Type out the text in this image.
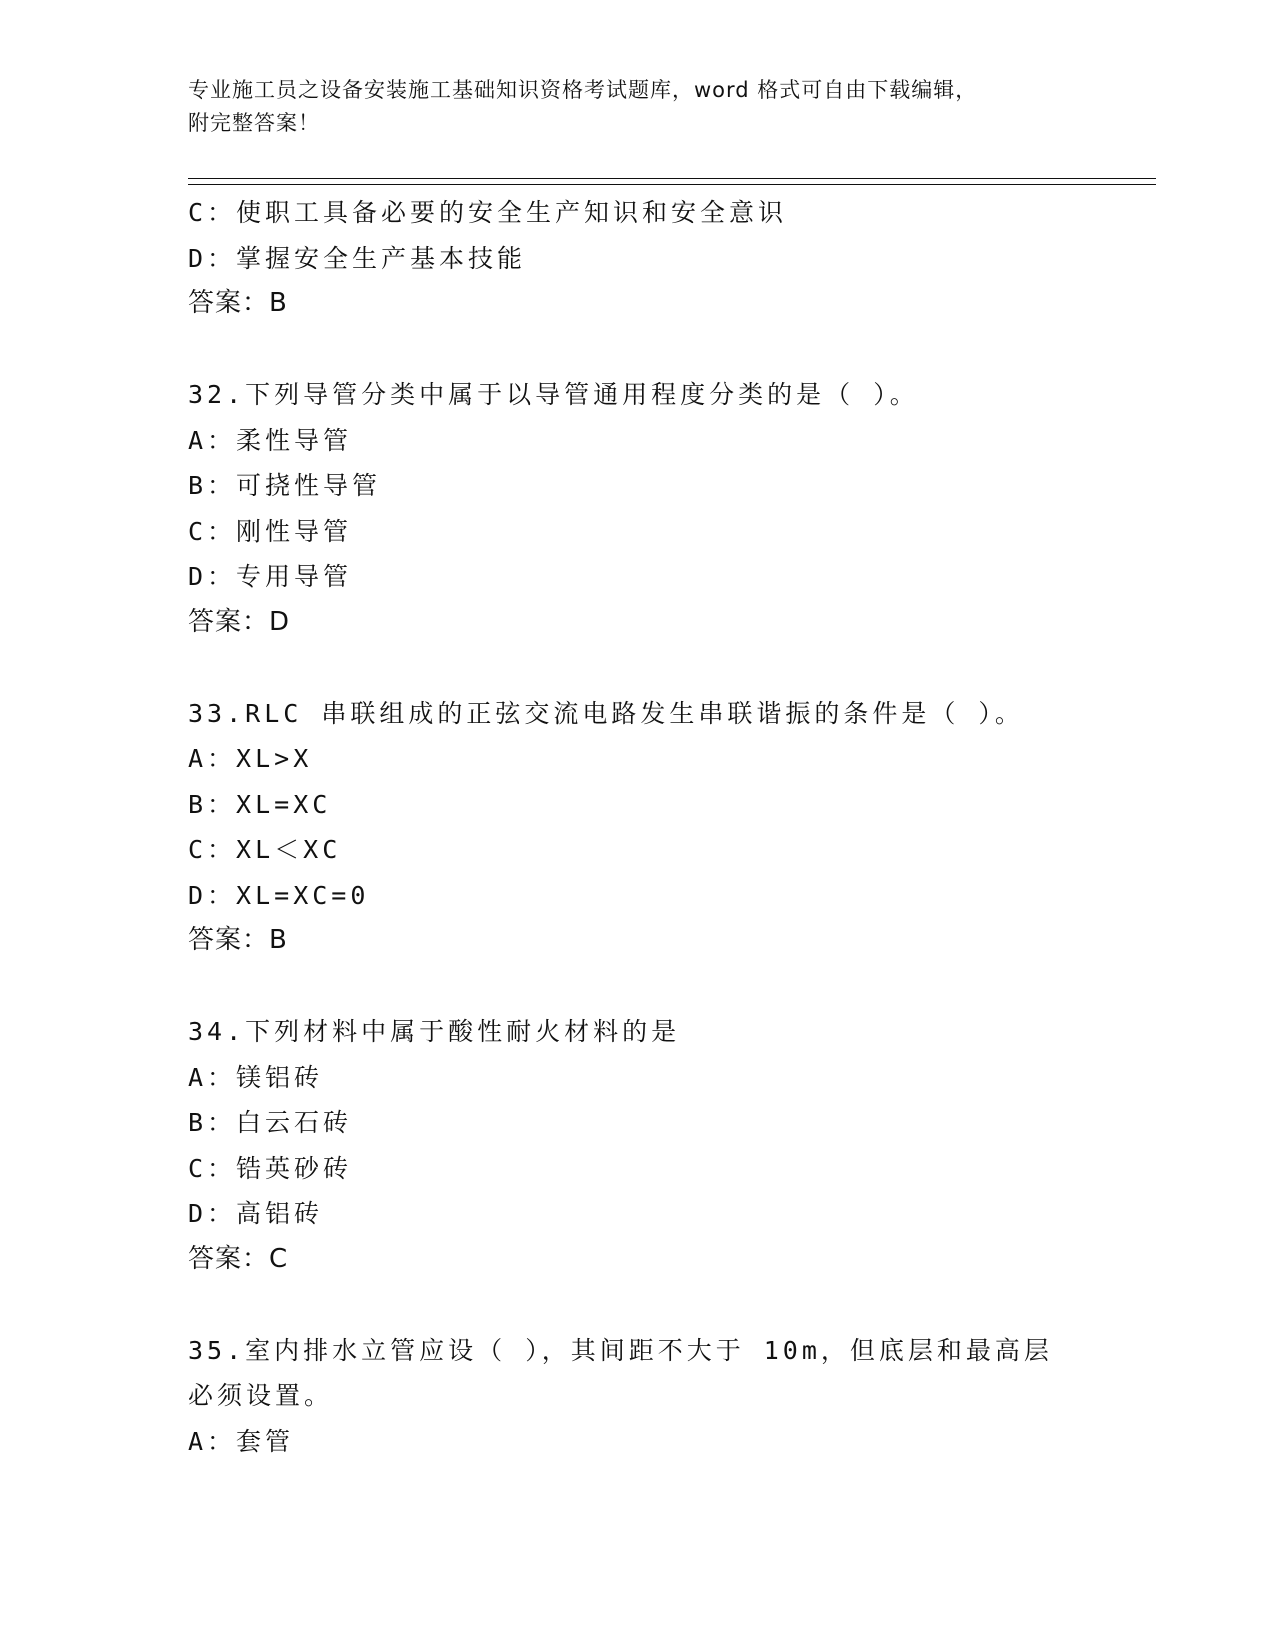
专业施工员之设备安装施工基础知识资格考试题库，word 格式可自由下载编辑，
附完整答案！
C：使职工具备必要的安全生产知识和安全意识
D：掌握安全生产基本技能
答案：B
32.下列导管分类中属于以导管通用程度分类的是（ ）。
A：柔性导管
B：可挠性导管
C：刚性导管
D：专用导管
答案：D
33.RLC 串联组成的正弦交流电路发生串联谐振的条件是（ ）。
A：XL>X
B：XL=XC
C：XL＜XC
D：XL=XC=0
答案：B
34.下列材料中属于酸性耐火材料的是
A：镁铝砖
B：白云石砖
C：锆英砂砖
D：高铝砖
答案：C
35.室内排水立管应设（ ），其间距不大于 10m，但底层和最高层必须设置。
A：套管
